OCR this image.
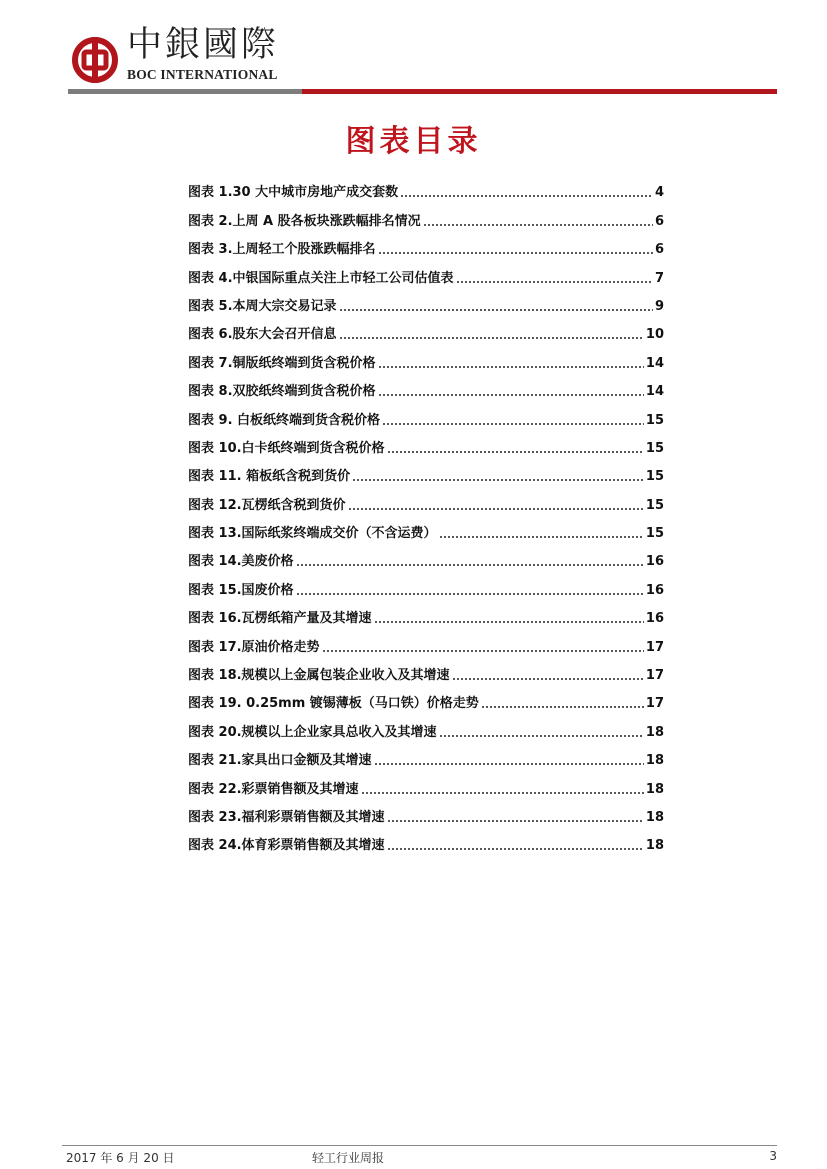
中銀國際
BOC INTERNATIONAL
图表目录
图表 1.30 大中城市房地产成交套数	4
图表 2.上周 A 股各板块涨跌幅排名情况	6
图表 3.上周轻工个股涨跌幅排名	6
图表 4.中银国际重点关注上市轻工公司估值表	7
图表 5.本周大宗交易记录	9
图表 6.股东大会召开信息	10
图表 7.铜版纸终端到货含税价格	14
图表 8.双胶纸终端到货含税价格	14
图表 9. 白板纸终端到货含税价格	15
图表 10.白卡纸终端到货含税价格	15
图表 11. 箱板纸含税到货价	15
图表 12.瓦楞纸含税到货价	15
图表 13.国际纸浆终端成交价（不含运费）	15
图表 14.美废价格	16
图表 15.国废价格	16
图表 16.瓦楞纸箱产量及其增速	16
图表 17.原油价格走势	17
图表 18.规模以上金属包装企业收入及其增速	17
图表 19. 0.25mm 镀锡薄板（马口铁）价格走势	17
图表 20.规模以上企业家具总收入及其增速	18
图表 21.家具出口金额及其增速	18
图表 22.彩票销售额及其增速	18
图表 23.福利彩票销售额及其增速	18
图表 24.体育彩票销售额及其增速	18
2017 年 6 月 20 日	轻工行业周报	3
